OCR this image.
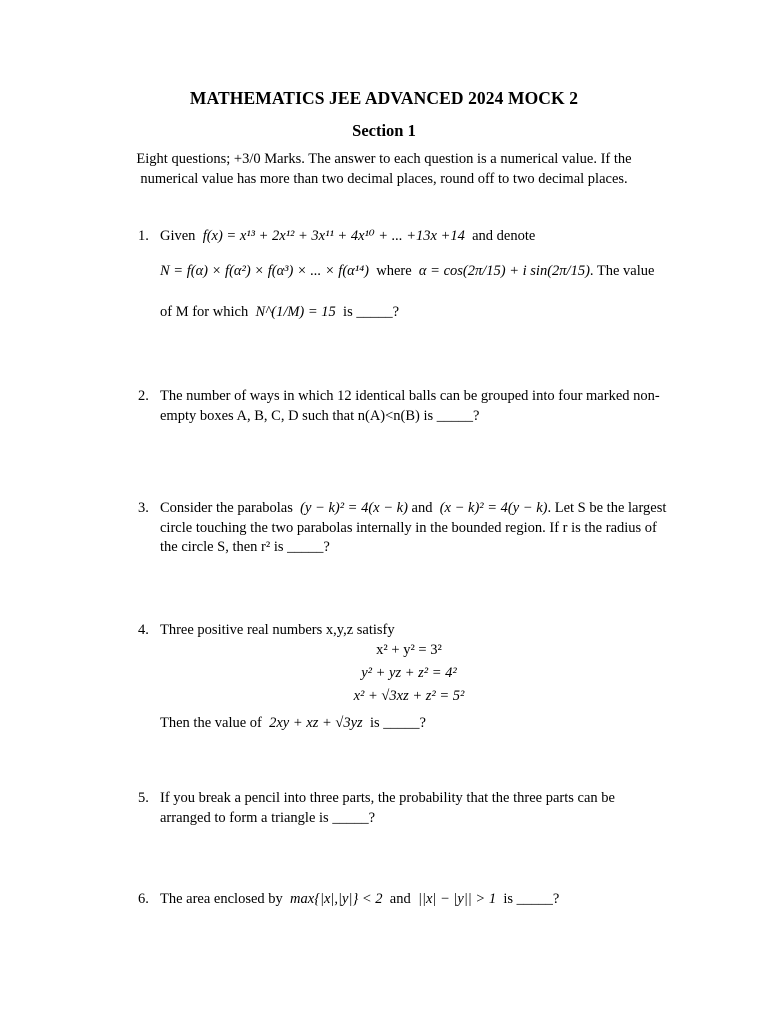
MATHEMATICS JEE ADVANCED 2024 MOCK 2
Section 1
Eight questions; +3/0 Marks. The answer to each question is a numerical value. If the
numerical value has more than two decimal places, round off to two decimal places.
1. Given f(x) = x¹³ + 2x¹² + 3x¹¹ + 4x¹⁰ + ... +13x +14 and denote
N = f(α) × f(α²) × f(α³) × ... × f(α¹⁴) where α = cos(2π/15) + i sin(2π/15). The value
of M for which N^(1/M) = 15 is _____?
2. The number of ways in which 12 identical balls can be grouped into four marked non-
empty boxes A, B, C, D such that n(A)<n(B) is _____?
3. Consider the parabolas (y − k)² = 4(x − k) and (x − k)² = 4(y − k). Let S be the largest
circle touching the two parabolas internally in the bounded region. If r is the radius of
the circle S, then r² is _____?
4. Three positive real numbers x,y,z satisfy
x² + y² = 3²
y² + yz + z² = 4²
x² + √3xz + z² = 5²
Then the value of 2xy + xz + √3yz is _____?
5. If you break a pencil into three parts, the probability that the three parts can be
arranged to form a triangle is _____?
6. The area enclosed by max{|x|,|y|} < 2 and ||x| − |y|| > 1 is _____?
